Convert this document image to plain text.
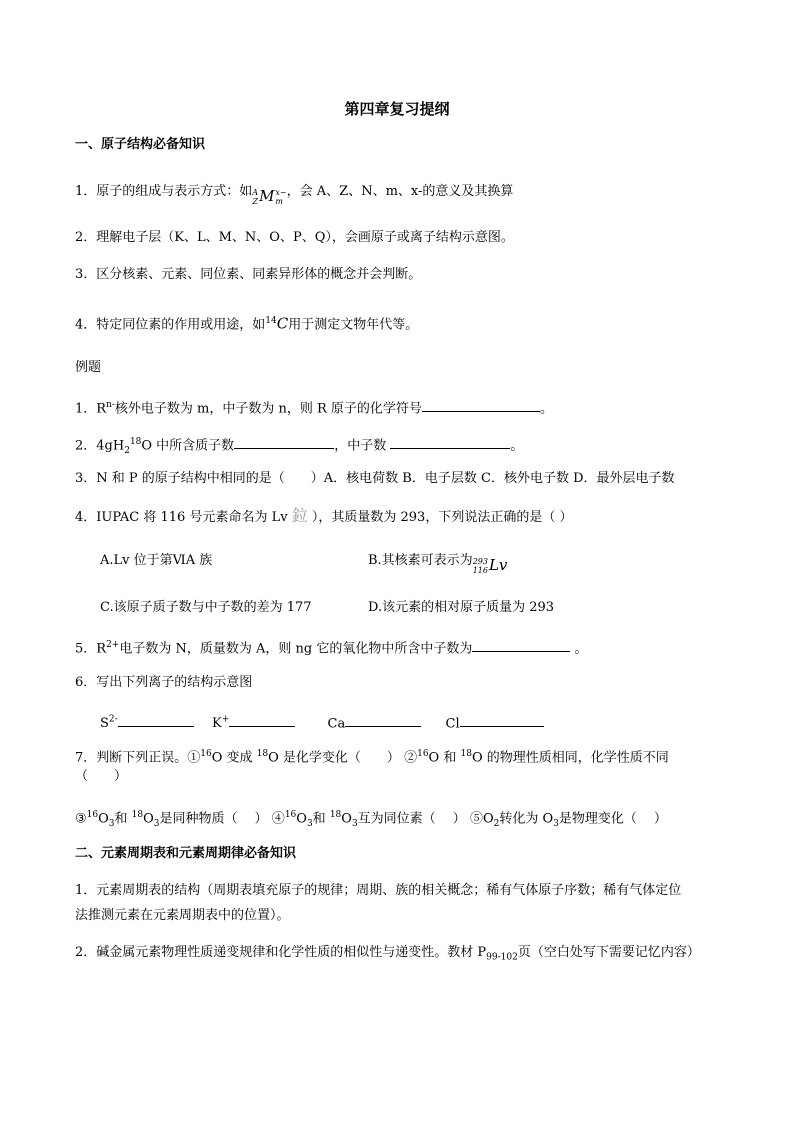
第四章复习提纲
一、原子结构必备知识
1．原子的组成与表示方式：如A
ZMx−
m，会 A、Z、N、m、x-的意义及其换算
2．理解电子层（K、L、M、N、O、P、Q），会画原子或离子结构示意图。
3．区分核素、元素、同位素、同素异形体的概念并会判断。
4．特定同位素的作用或用途，如$^{14}$C用于测定文物年代等。
例题
1．$R^{n-}$核外电子数为 m，中子数为 n，则 R 原子的化学符号	。
2．$4gH_2^{18}O$ 中所含质子数	，中子数	。
3．N 和 P 的原子结构中相同的是（　　）A．核电荷数 B．电子层数 C．核外电子数 D．最外层电子数
4．IUPAC 将 116 号元素命名为 Lv 鉝 ），其质量数为 293，下列说法正确的是（ ）
A.Lv 位于第ⅥA 族	B.其核素可表示为293
116Lv
C.该原子质子数与中子数的差为 177	D.该元素的相对原子质量为 293
5．$R^{2+}$电子数为 N，质量数为 A，则 ng 它的氧化物中所含中子数为	。
6．写出下列离子的结构示意图
$S^{2-}$	K+	Ca	Cl
7．判断下列正误。①$^{16}$O 变成 $^{18}$O 是化学变化（　　） ②$^{16}$O 和 $^{18}$O 的物理性质相同，化学性质不同
（　　）
$③^{16}O_3$和 $^{18}O_3$是同种物质（　 ） $④^{16}O_3$和 $^{18}O_3$互为同位素（　 ） $⑤O_2$转化为 $O_3$是物理变化（　 ）
二、元素周期表和元素周期律必备知识
1．元素周期表的结构（周期表填充原子的规律；周期、族的相关概念；稀有气体原子序数；稀有气体定位
法推测元素在元素周期表中的位置）。
2．碱金属元素物理性质递变规律和化学性质的相似性与递变性。教材 $P_{99-102}$页（空白处写下需要记忆内容）
